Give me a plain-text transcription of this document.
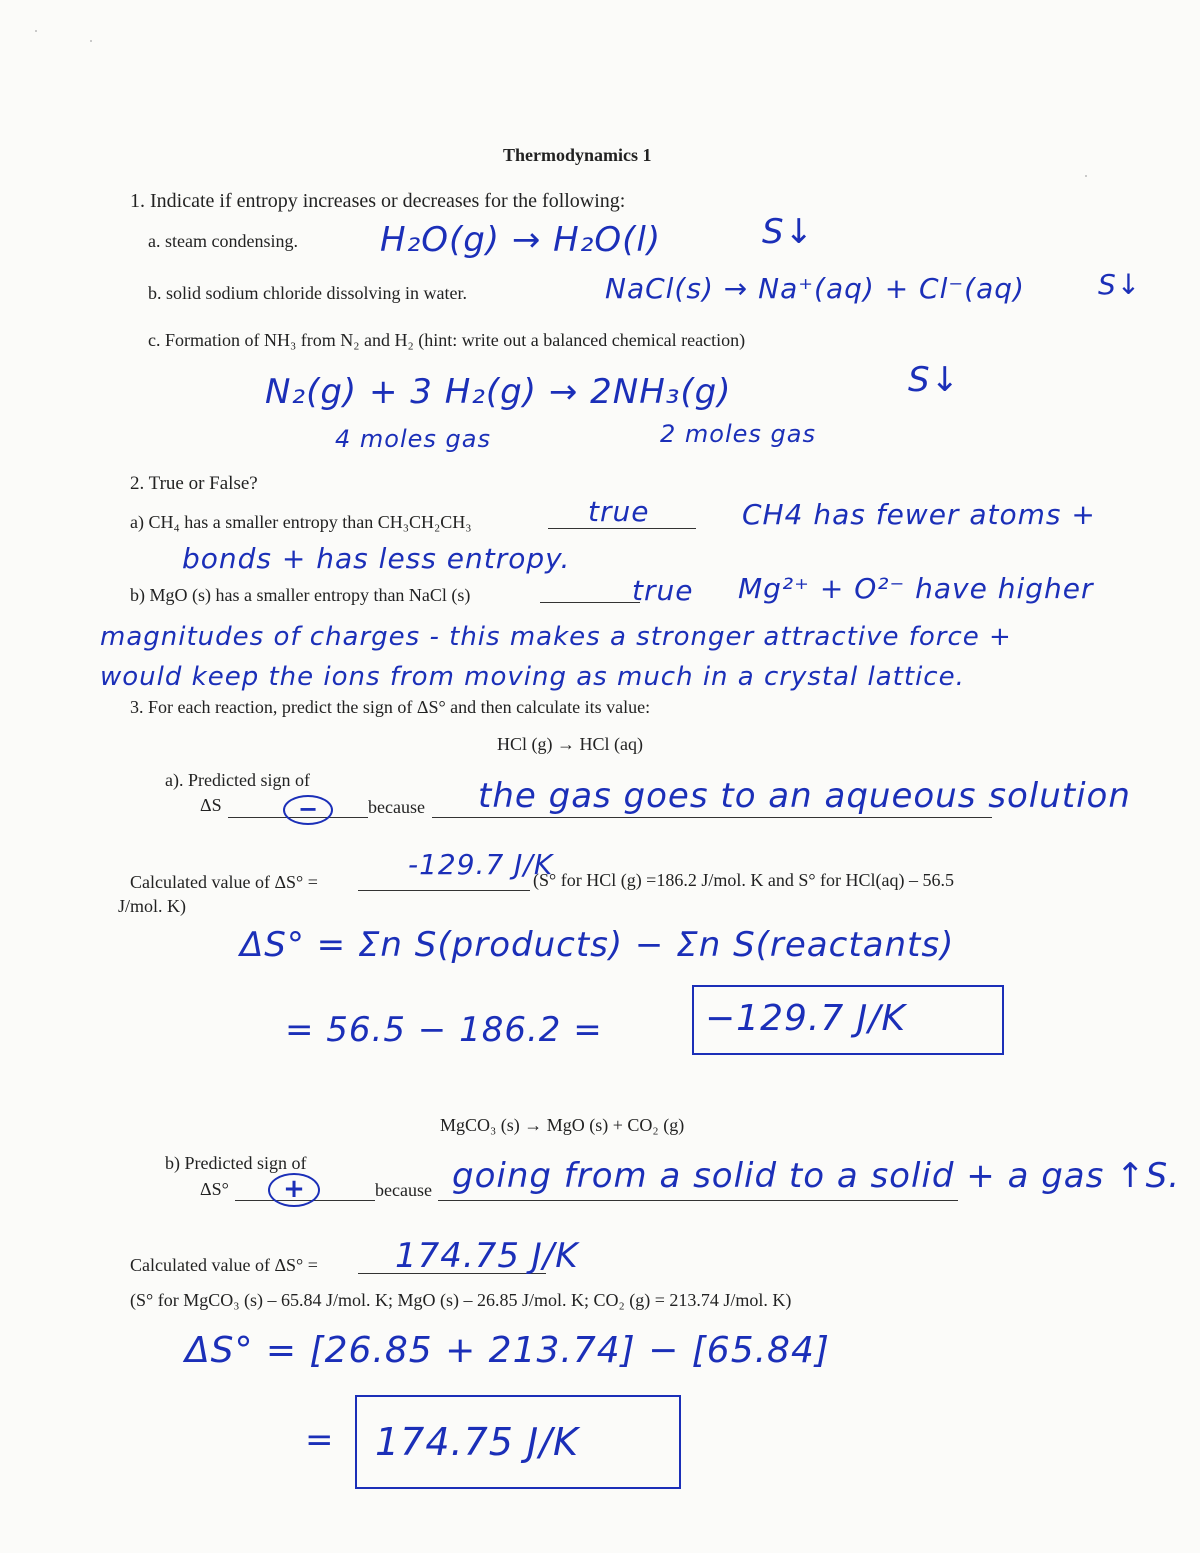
Thermodynamics 1
1. Indicate if entropy increases or decreases for the following:
a. steam condensing. H₂O(g) → H₂O(l)	S↓
b. solid sodium chloride dissolving in water.	NaCl(s) → Na⁺(aq) + Cl⁻(aq)	S↓
c. Formation of NH₃ from N₂ and H₂ (hint: write out a balanced chemical reaction)
N₂(g) + 3 H₂(g) → 2NH₃(g)	S↓
4 moles gas	2 moles gas
2. True or False?
a) CH₄ has a smaller entropy than CH₃CH₂CH₃	true	CH4 has fewer atoms +
bonds + has less entropy.
b) MgO (s) has a smaller entropy than NaCl (s)	true Mg²⁺ + O²⁻ have higher
magnitudes of charges - this makes a stronger attractive force +
would keep the ions from moving as much in a crystal lattice.
3. For each reaction, predict the sign of ΔS° and then calculate its value:
HCl (g) → HCl (aq)
a). Predicted sign of
ΔS	−	because the gas goes to an aqueous solution
Calculated value of ΔS° =
-129.7 J/K
(S° for HCl (g) =186.2 J/mol. K and S° for HCl(aq) – 56.5
J/mol. K)
ΔS° = Σn S(products) − Σn S(reactants)
= 56.5 − 186.2 =	−129.7 J/K
MgCO₃ (s) → MgO (s) + CO₂ (g)
b) Predicted sign of
ΔS°	+	because going from a solid to a solid + a gas ↑S.
Calculated value of ΔS° = 174.75 J/K
(S° for MgCO₃ (s) – 65.84 J/mol. K; MgO (s) – 26.85 J/mol. K; CO₂ (g) = 213.74 J/mol. K)
ΔS° = [26.85 + 213.74] − [65.84]
= 174.75 J/K
